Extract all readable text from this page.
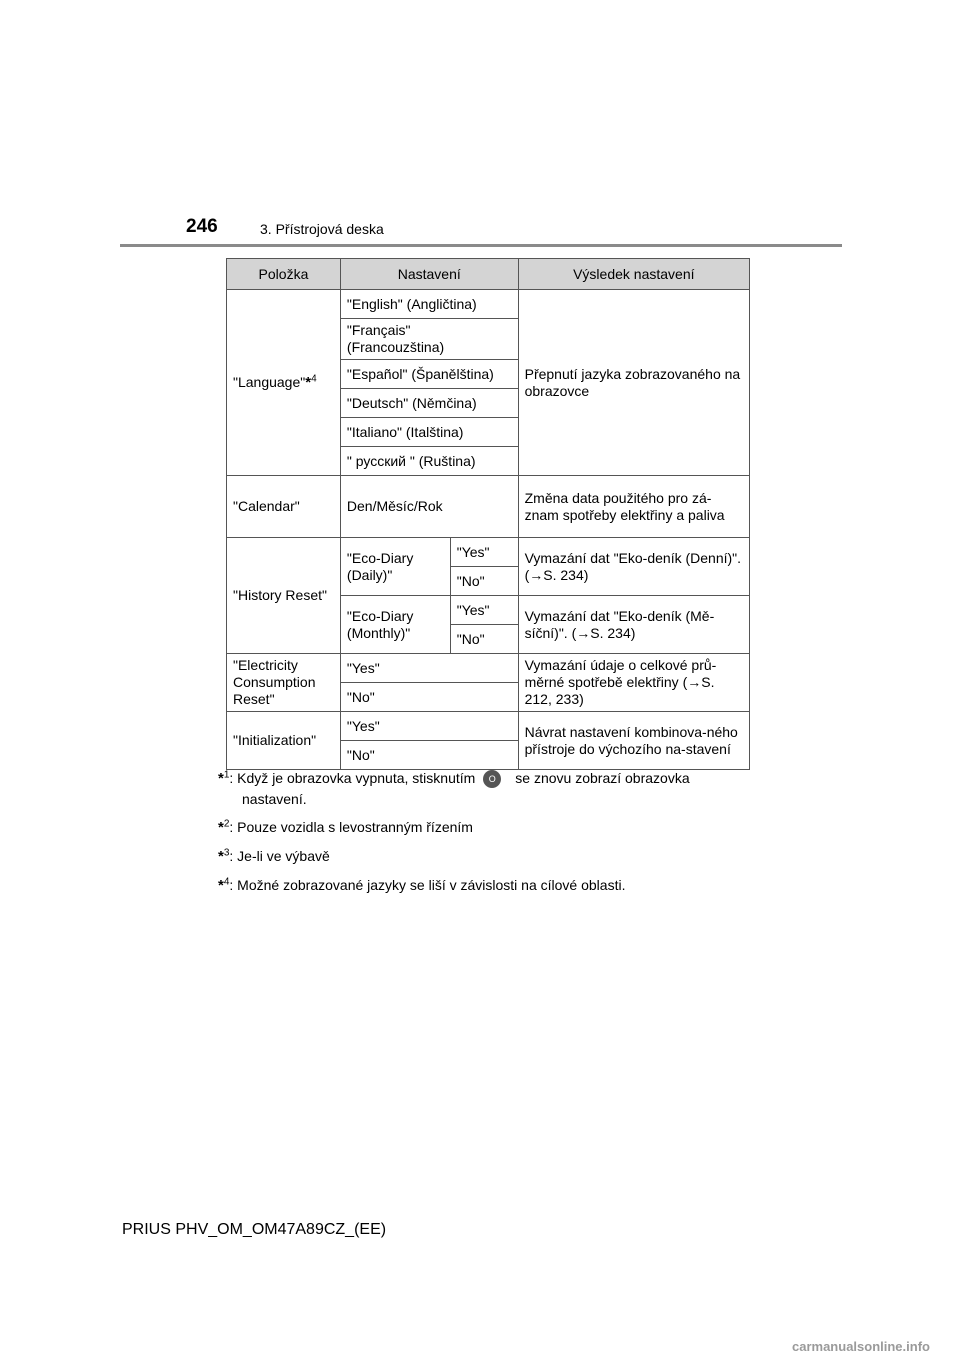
246	3. Přístrojová deska
Položka	Nastavení		Výsledek nastavení
"Language"*$^4$	"English" (Angličtina)		Přepnutí jazyka zobrazovaného na obrazovce
	"Français" (Francouzština)		
	"Español" (Španělština)		
	"Deutsch" (Němčina)		
	"Italiano" (Italština)		
	" русский " (Ruština)		
"Calendar"	Den/Měsíc/Rok		Změna data použitého pro zá-znam spotřeby elektřiny a paliva
"History Reset"	"Eco-Diary (Daily)"	"Yes"	Vymazání dat "Eko-deník (Denní)". (→S. 234)
		"No"	
	"Eco-Diary (Monthly)"	"Yes"	Vymazání dat "Eko-deník (Mě-síční)". (→S. 234)
		"No"	
"Electricity Consumption Reset"	"Yes"		Vymazání údaje o celkové prů-měrné spotřebě elektřiny (→S. 212, 233)
	"No"		
"Initialization"	"Yes"		Návrat nastavení kombinova-ného přístroje do výchozího na-stavení
	"No"		
*$^1$: Když je obrazovka vypnuta, stisknutím O se znovu zobrazí obrazovka
nastavení.
*$^2$: Pouze vozidla s levostranným řízením
*$^3$: Je-li ve výbavě
*$^4$: Možné zobrazované jazyky se liší v závislosti na cílové oblasti.
PRIUS PHV_OM_OM47A89CZ_(EE)
carmanualsonline.info
